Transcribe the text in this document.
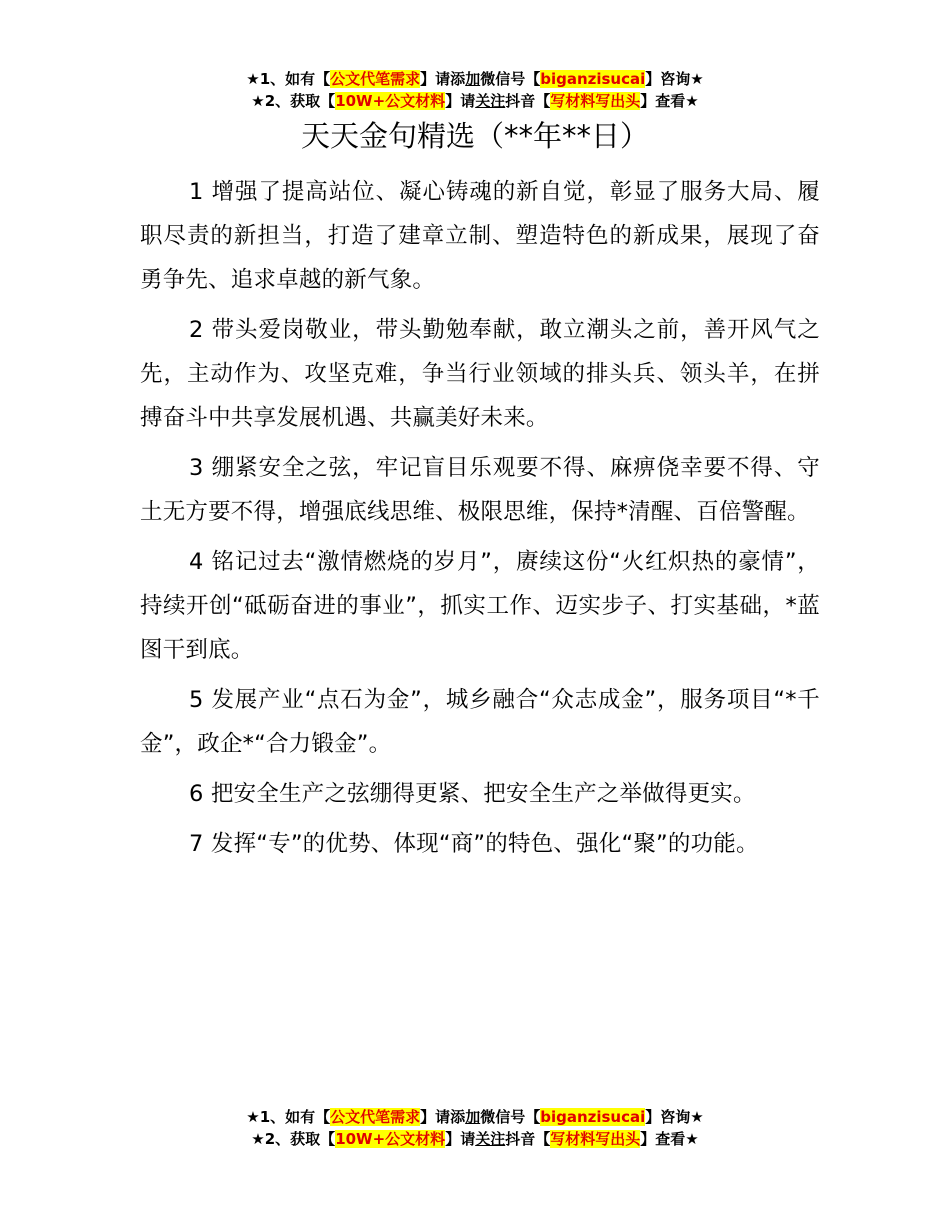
★1、如有【公文代笔需求】请添加微信号【biganzisucai】咨询★
★2、获取【10W+公文材料】请关注抖音【写材料写出头】查看★
天天金句精选（**年**日）

1 增强了提高站位、凝心铸魂的新自觉，彰显了服务大局、履职尽责的新担当，打造了建章立制、塑造特色的新成果，展现了奋勇争先、追求卓越的新气象。

2 带头爱岗敬业，带头勤勉奉献，敢立潮头之前，善开风气之先，主动作为、攻坚克难，争当行业领域的排头兵、领头羊，在拼搏奋斗中共享发展机遇、共赢美好未来。

3 绷紧安全之弦，牢记盲目乐观要不得、麻痹侥幸要不得、守土无方要不得，增强底线思维、极限思维，保持*清醒、百倍警醒。

4 铭记过去“激情燃烧的岁月”，赓续这份“火红炽热的豪情”，持续开创“砥砺奋进的事业”，抓实工作、迈实步子、打实基础，*蓝图干到底。

5 发展产业“点石为金”，城乡融合“众志成金”，服务项目“*千金”，政企*“合力锻金”。

6 把安全生产之弦绷得更紧、把安全生产之举做得更实。

7 发挥“专”的优势、体现“商”的特色、强化“聚”的功能。

★1、如有【公文代笔需求】请添加微信号【biganzisucai】咨询★
★2、获取【10W+公文材料】请关注抖音【写材料写出头】查看★
